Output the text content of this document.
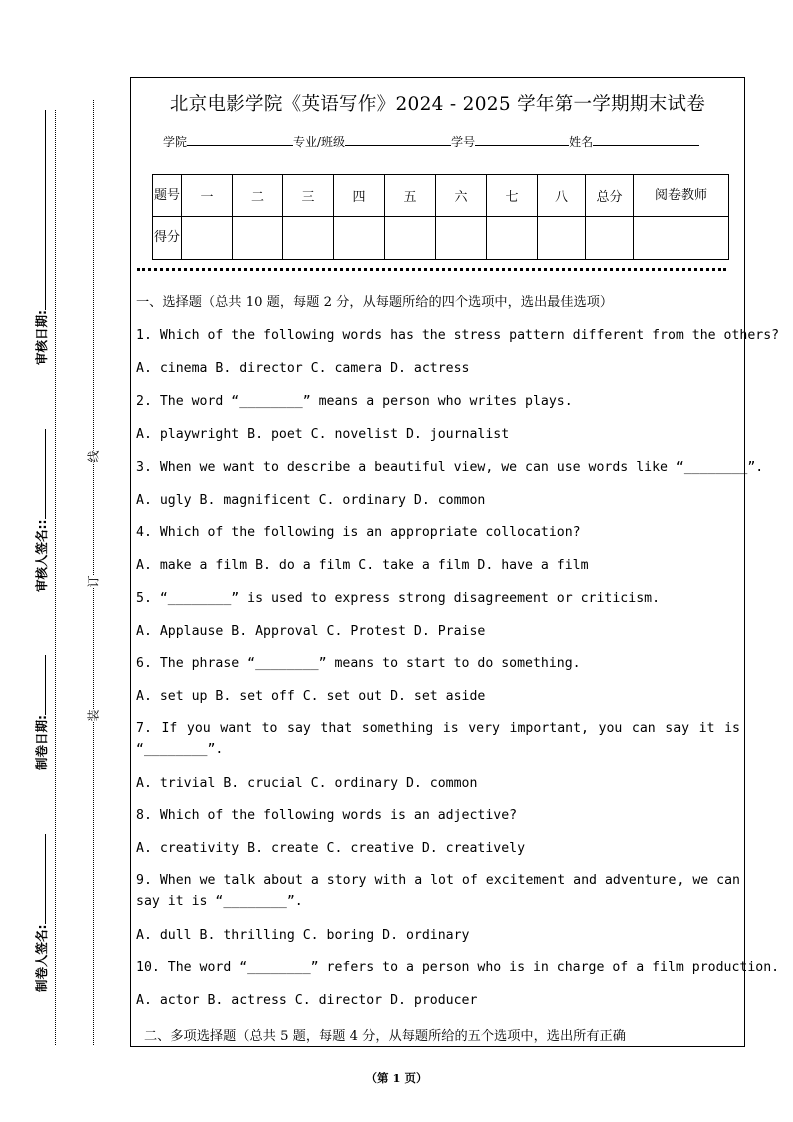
审核日期:
审核人签名::
制卷日期:
制卷人签名:
线
订
装
北京电影学院《英语写作》2024 - 2025 学年第一学期期末试卷
学院	专业/班级	学号	姓名
题号	一	二	三	四	五	六	七	八	总分	阅卷教师
得分										
一、选择题（总共 10 题，每题 2 分，从每题所给的四个选项中，选出最佳选项）
1. Which of the following words has the stress pattern different from the others?
A. cinema B. director C. camera D. actress
2. The word “________” means a person who writes plays.
A. playwright B. poet C. novelist D. journalist
3. When we want to describe a beautiful view, we can use words like “________”.
A. ugly B. magnificent C. ordinary D. common
4. Which of the following is an appropriate collocation?
A. make a film B. do a film C. take a film D. have a film
5. “________” is used to express strong disagreement or criticism.
A. Applause B. Approval C. Protest D. Praise
6. The phrase “________” means to start to do something.
A. set up B. set off C. set out D. set aside
7. If you want to say that something is very important, you can say it is “________”.
A. trivial B. crucial C. ordinary D. common
8. Which of the following words is an adjective?
A. creativity B. create C. creative D. creatively
9. When we talk about a story with a lot of excitement and adventure, we can say it is “________”.
A. dull B. thrilling C. boring D. ordinary
10. The word “________” refers to a person who is in charge of a film production.
A. actor B. actress C. director D. producer
二、多项选择题（总共 5 题，每题 4 分，从每题所给的五个选项中，选出所有正确
（第 1 页）
